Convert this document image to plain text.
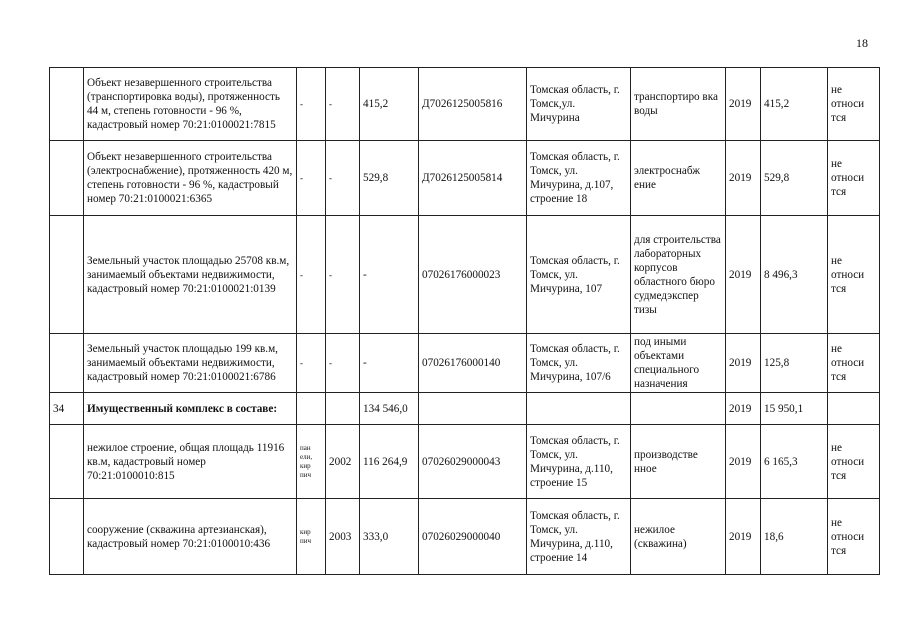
18
	Объект незавершенного строительства (транспортировка воды), протяженность 44 м, степень готовности - 96 %, кадастровый номер 70:21:0100021:7815	-	-	415,2	Д7026125005816	Томская область, г. Томск,ул. Мичурина	транспортиро вка воды	2019	415,2	не относи тся
	Объект незавершенного строительства (электроснабжение), протяженность 420 м, степень готовности - 96 %, кадастровый номер 70:21:0100021:6365	-	-	529,8	Д7026125005814	Томская область, г. Томск, ул. Мичурина, д.107, строение 18	электроснабж ение	2019	529,8	не относи тся
	Земельный участок площадью 25708 кв.м, занимаемый объектами недвижимости, кадастровый номер 70:21:0100021:0139	-	-	-	07026176000023	Томская область, г. Томск, ул. Мичурина, 107	для строительства лабораторных корпусов областного бюро судмедэкспер тизы	2019	8 496,3	не относи тся
	Земельный участок площадью 199 кв.м, занимаемый объектами недвижимости, кадастровый номер 70:21:0100021:6786	-	-	-	07026176000140	Томская область, г. Томск, ул. Мичурина, 107/6	под иными объектами специального назначения	2019	125,8	не относи тся
34	Имущественный комплекс в составе:			134 546,0				2019	15 950,1	
	нежилое строение, общая площадь 11916 кв.м, кадастровый номер 70:21:0100010:815	пан ели, кир пич	2002	116 264,9	07026029000043	Томская область, г. Томск, ул. Мичурина, д.110, строение 15	производстве нное	2019	6 165,3	не относи тся
	сооружение (скважина артезианская), кадастровый номер 70:21:0100010:436	кир пич	2003	333,0	07026029000040	Томская область, г. Томск, ул. Мичурина, д.110, строение 14	нежилое (скважина)	2019	18,6	не относи тся
